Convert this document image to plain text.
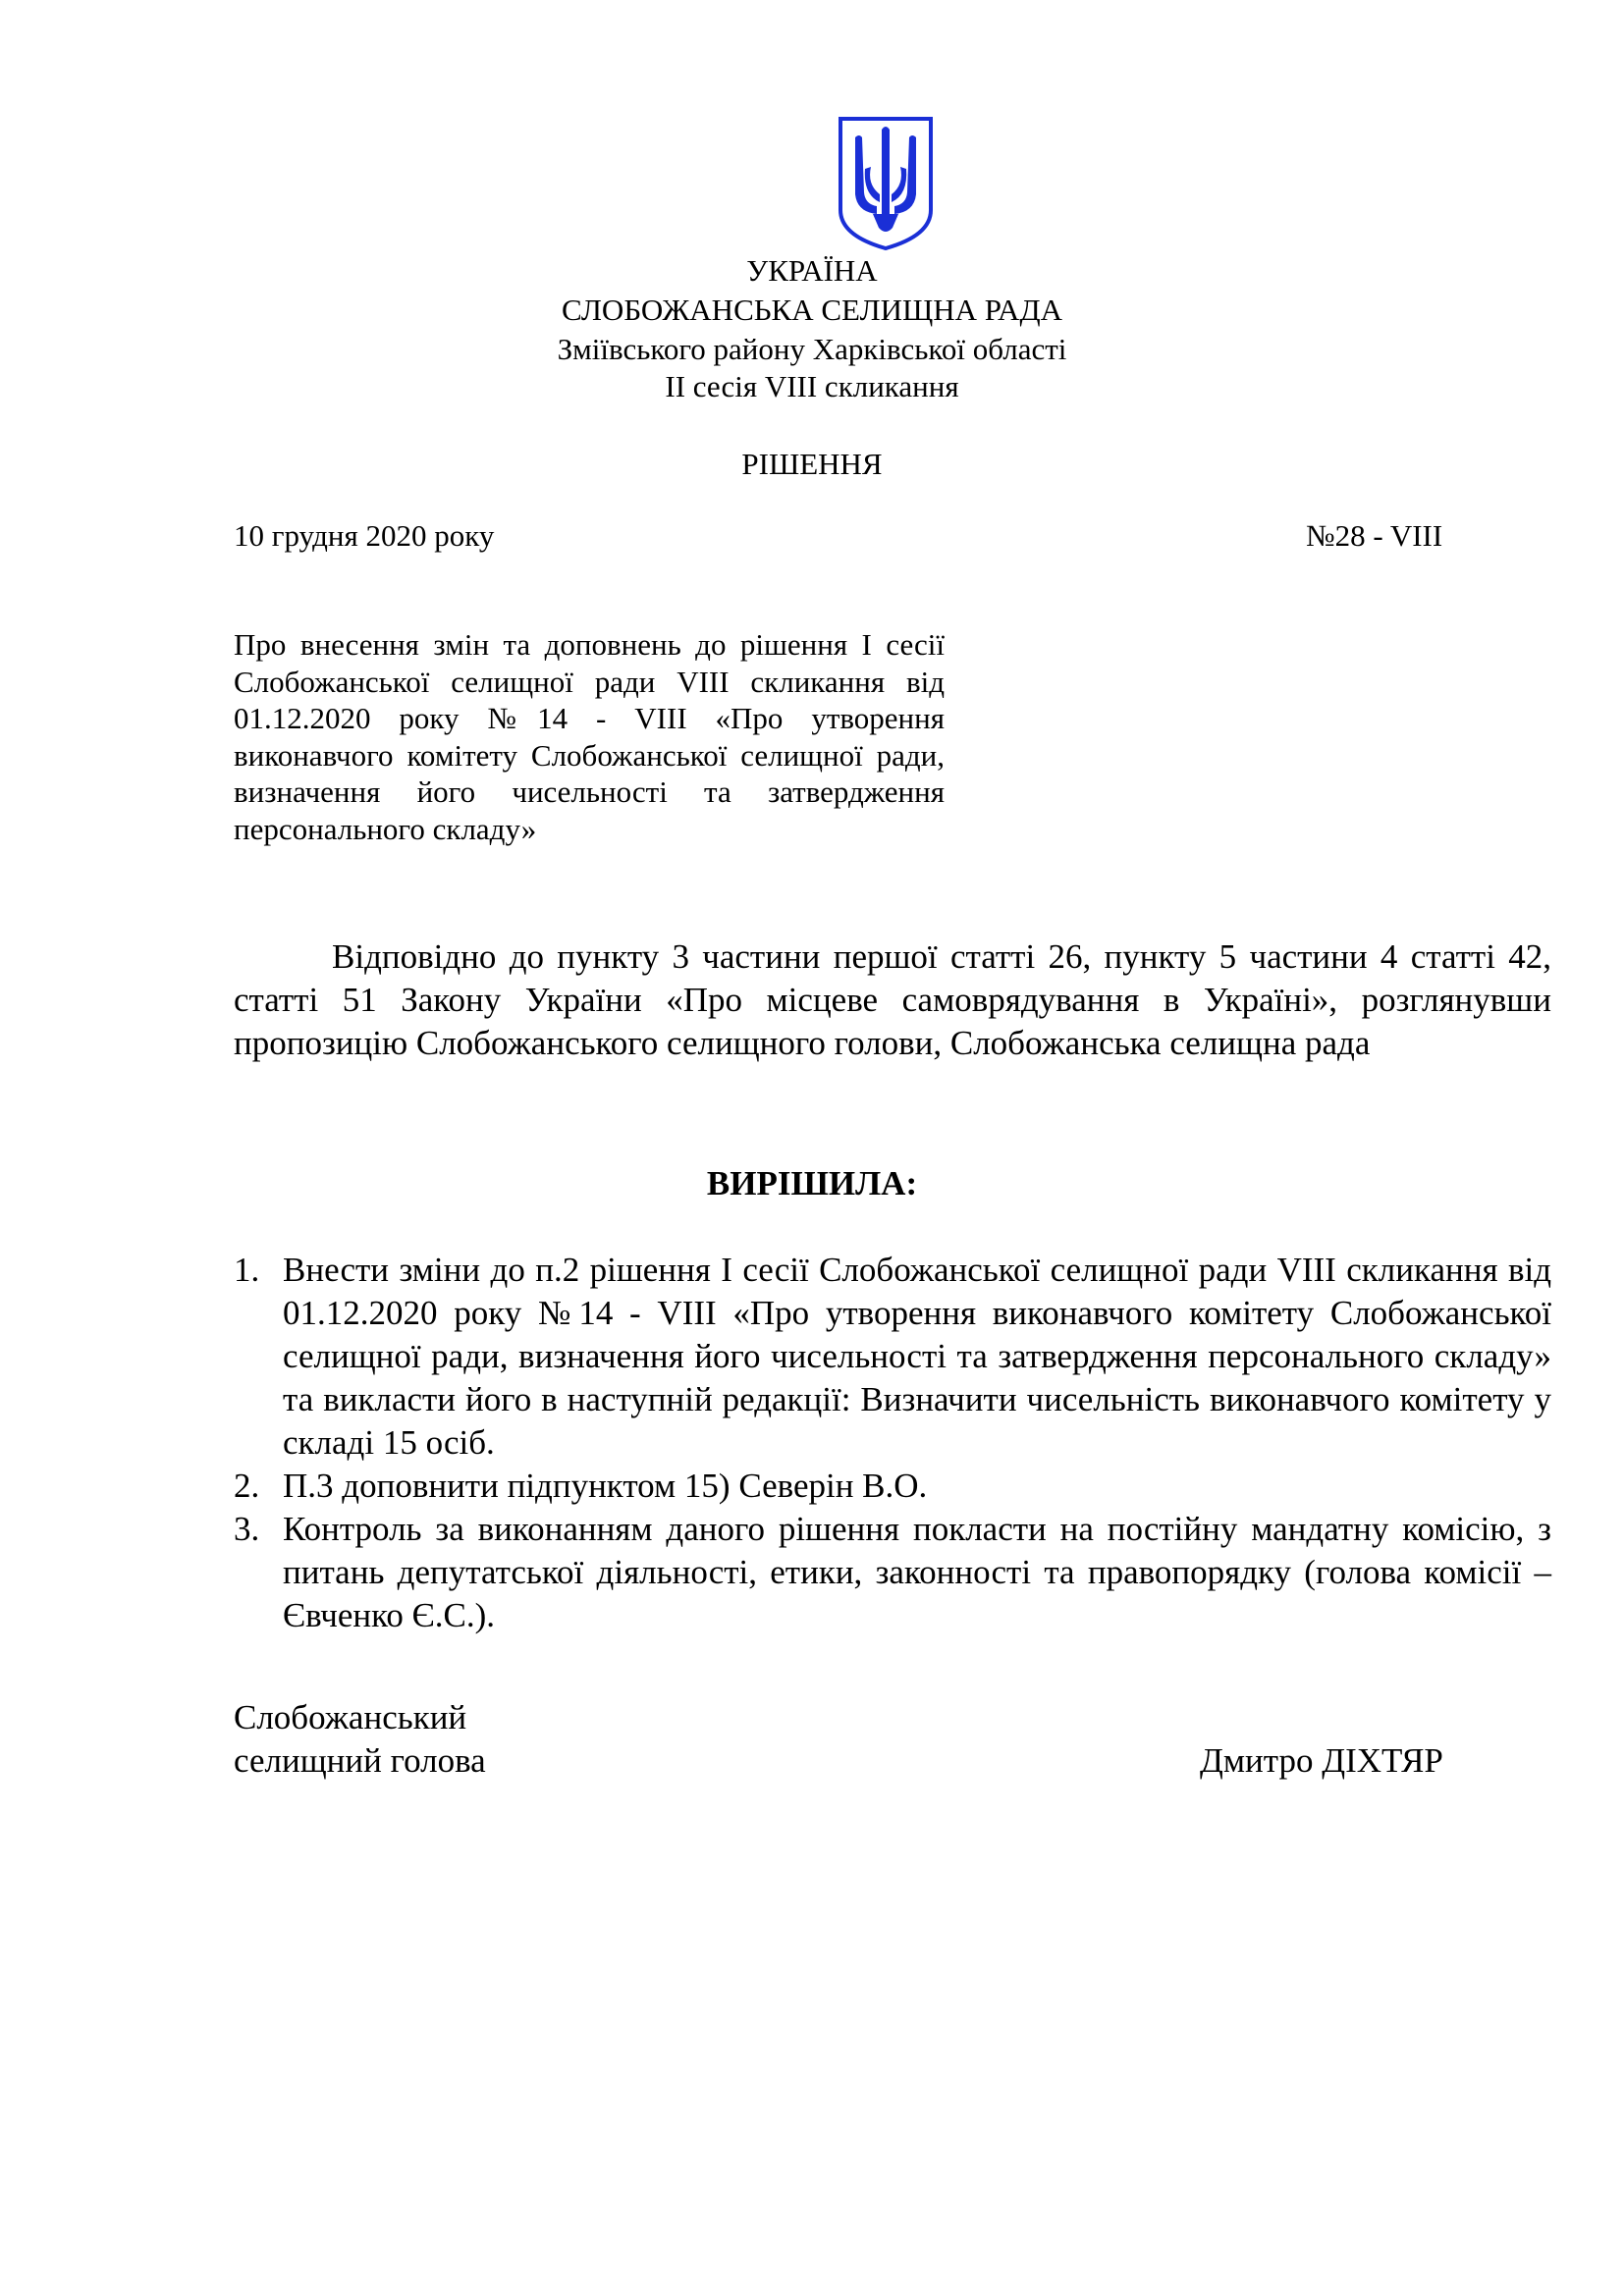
УКРАЇНА
СЛОБОЖАНСЬКА СЕЛИЩНА РАДА
Зміївського району Харківської області
ІІ сесія VІІІ скликання
РІШЕННЯ
10 грудня 2020 року	№28 - VІІІ
Про внесення змін та доповнень до рішення І сесії Слобожанської селищної ради VІІІ скликання від 01.12.2020 року №14 - VІІІ «Про утворення виконавчого комітету Слобожанської селищної ради, визначення його чисельності та затвердження персонального складу»
Відповідно до пункту 3 частини першої статті 26, пункту 5 частини 4 статті 42, статті 51 Закону України «Про місцеве самоврядування в Україні», розглянувши пропозицію Слобожанського селищного голови, Слобожанська селищна рада
ВИРІШИЛА:
1. Внести зміни до п.2 рішення І сесії Слобожанської селищної ради VІІІ скликання від 01.12.2020 року №14 - VІІІ «Про утворення виконавчого комітету Слобожанської селищної ради, визначення його чисельності та затвердження персонального складу» та викласти його в наступній редакції: Визначити чисельність виконавчого комітету у складі 15 осіб.
2. П.3 доповнити підпунктом 15) Северін В.О.
3. Контроль за виконанням даного рішення покласти на постійну мандатну комісію, з питань депутатської діяльності, етики, законності та правопорядку (голова комісії – Євченко Є.С.).
Слобожанський
селищний голова	Дмитро ДІХТЯР
